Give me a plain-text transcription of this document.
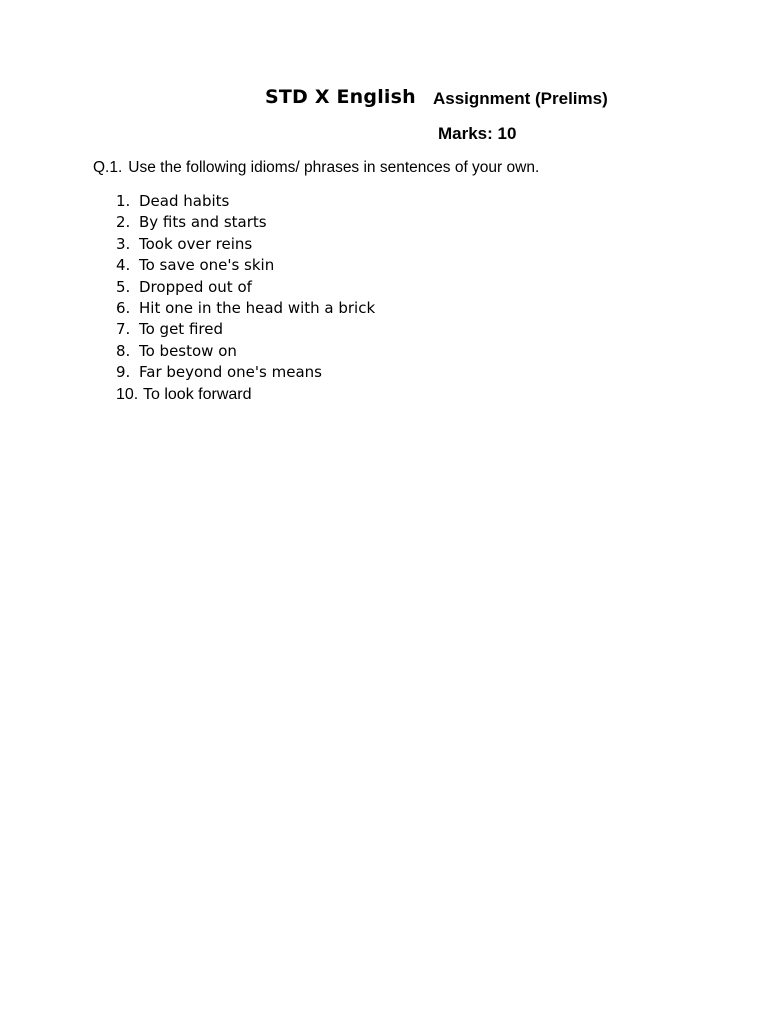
STD X English Assignment (Prelims)
Marks: 10
Q.1. Use the following idioms/ phrases in sentences of your own.
1. Dead habits
2. By fits and starts
3. Took over reins
4. To save one's skin
5. Dropped out of
6. Hit one in the head with a brick
7. To get fired
8. To bestow on
9. Far beyond one's means
10. To look forward
